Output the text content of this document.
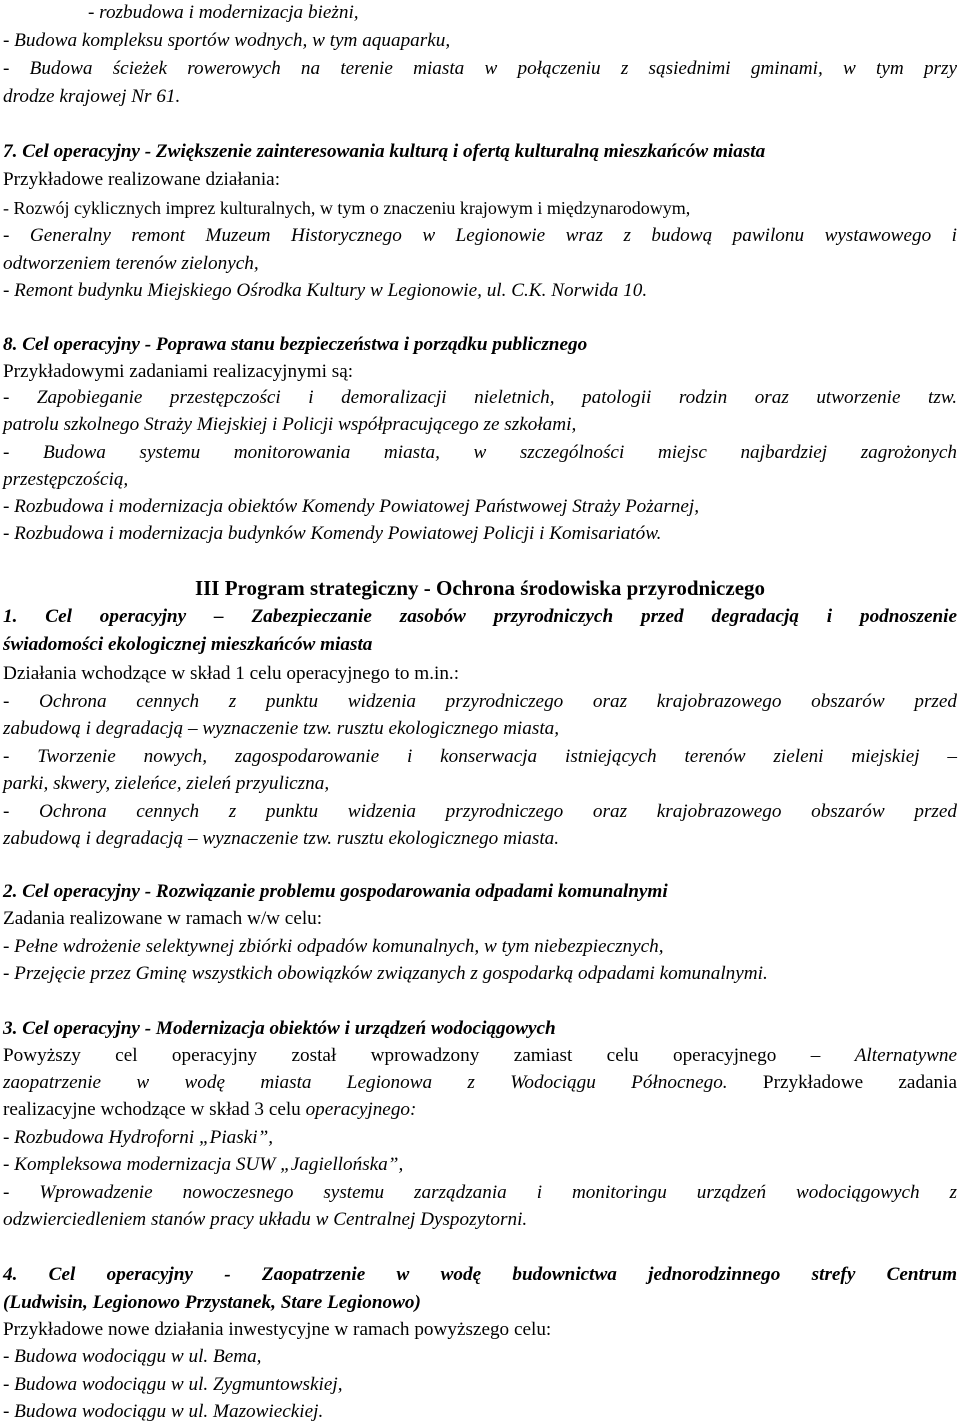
- rozbudowa i modernizacja bieżni,
- Budowa kompleksu sportów wodnych, w tym aquaparku,
- Budowa ścieżek rowerowych na terenie miasta w połączeniu z sąsiednimi gminami, w tym przy
drodze krajowej Nr 61.
7. Cel operacyjny - Zwiększenie zainteresowania kulturą i ofertą kulturalną mieszkańców miasta
Przykładowe realizowane działania:
- Rozwój cyklicznych imprez kulturalnych, w tym o znaczeniu krajowym i międzynarodowym,
- Generalny remont Muzeum Historycznego w Legionowie wraz z budową pawilonu wystawowego i
odtworzeniem terenów zielonych,
- Remont budynku Miejskiego Ośrodka Kultury w Legionowie, ul. C.K. Norwida 10.
8. Cel operacyjny - Poprawa stanu bezpieczeństwa i porządku publicznego
Przykładowymi zadaniami realizacyjnymi są:
- Zapobieganie przestępczości i demoralizacji nieletnich, patologii rodzin oraz utworzenie tzw.
patrolu szkolnego Straży Miejskiej i Policji współpracującego ze szkołami,
- Budowa systemu monitorowania miasta, w szczególności miejsc najbardziej zagrożonych
przestępczością,
- Rozbudowa i modernizacja obiektów Komendy Powiatowej Państwowej Straży Pożarnej,
- Rozbudowa i modernizacja budynków Komendy Powiatowej Policji i Komisariatów.
III Program strategiczny - Ochrona środowiska przyrodniczego
1. Cel operacyjny – Zabezpieczanie zasobów przyrodniczych przed degradacją i podnoszenie
świadomości ekologicznej mieszkańców miasta
Działania wchodzące w skład 1 celu operacyjnego to m.in.:
- Ochrona cennych z punktu widzenia przyrodniczego oraz krajobrazowego obszarów przed
zabudową i degradacją – wyznaczenie tzw. rusztu ekologicznego miasta,
- Tworzenie nowych, zagospodarowanie i konserwacja istniejących terenów zieleni miejskiej –
parki, skwery, zieleńce, zieleń przyuliczna,
- Ochrona cennych z punktu widzenia przyrodniczego oraz krajobrazowego obszarów przed
zabudową i degradacją – wyznaczenie tzw. rusztu ekologicznego miasta.
2. Cel operacyjny - Rozwiązanie problemu gospodarowania odpadami komunalnymi
Zadania realizowane w ramach w/w celu:
- Pełne wdrożenie selektywnej zbiórki odpadów komunalnych, w tym niebezpiecznych,
- Przejęcie przez Gminę wszystkich obowiązków związanych z gospodarką odpadami komunalnymi.
3. Cel operacyjny - Modernizacja obiektów i urządzeń wodociągowych
Powyższy cel operacyjny został wprowadzony zamiast celu operacyjnego – Alternatywne
zaopatrzenie w wodę miasta Legionowa z Wodociągu Północnego. Przykładowe zadania
realizacyjne wchodzące w skład 3 celu operacyjnego:
- Rozbudowa Hydroforni „Piaski”,
- Kompleksowa modernizacja SUW „Jagiellońska”,
- Wprowadzenie nowoczesnego systemu zarządzania i monitoringu urządzeń wodociągowych z
odzwierciedleniem stanów pracy układu w Centralnej Dyspozytorni.
4. Cel operacyjny - Zaopatrzenie w wodę budownictwa jednorodzinnego strefy Centrum
(Ludwisin, Legionowo Przystanek, Stare Legionowo)
Przykładowe nowe działania inwestycyjne w ramach powyższego celu:
- Budowa wodociągu w ul. Bema,
- Budowa wodociągu w ul. Zygmuntowskiej,
- Budowa wodociągu w ul. Mazowieckiej.
